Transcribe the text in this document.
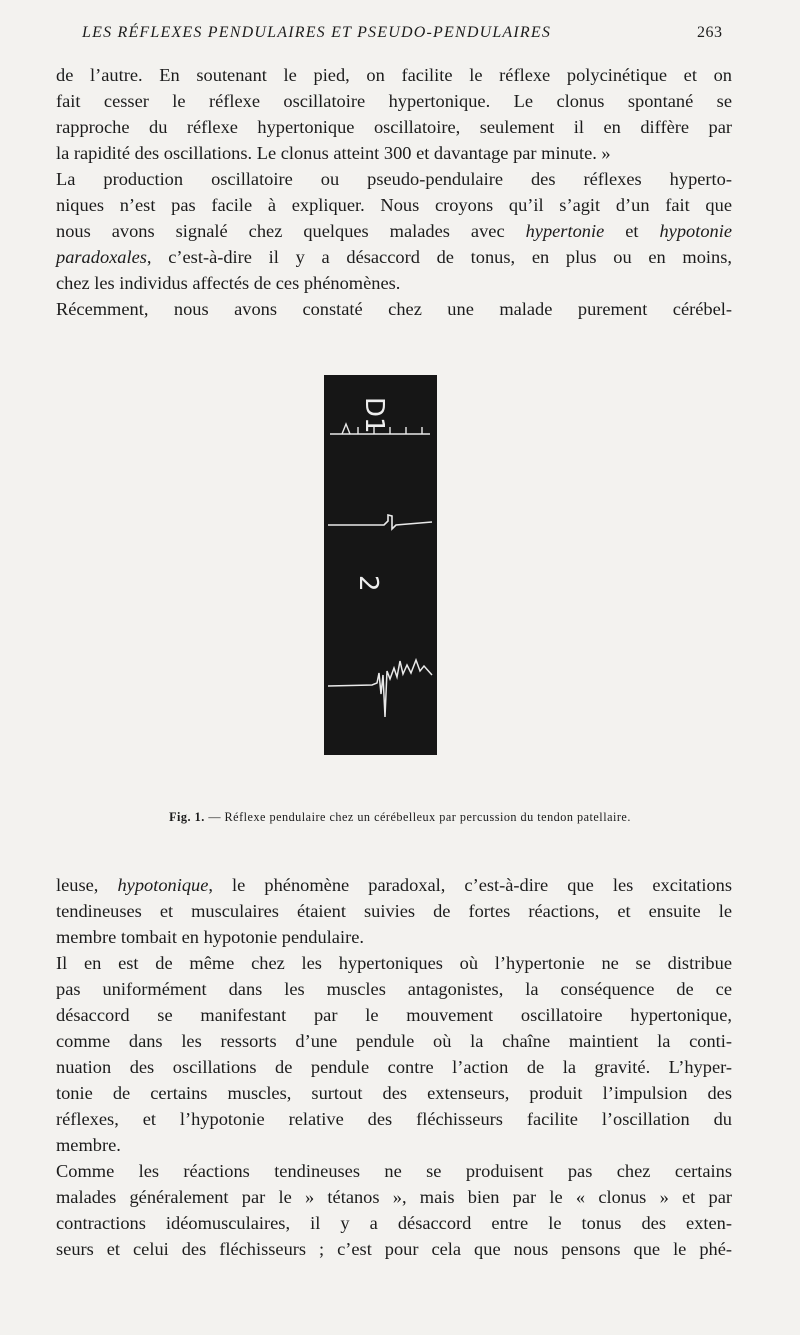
LES RÉFLEXES PENDULAIRES ET PSEUDO-PENDULAIRES	263

de l’autre. En soutenant le pied, on facilite le réflexe polycinétique et on

fait cesser le réflexe oscillatoire hypertonique. Le clonus spontané se

rapproche du réflexe hypertonique oscillatoire, seulement il en diffère par

la rapidité des oscillations. Le clonus atteint 300 et davantage par minute. »

La production oscillatoire ou pseudo-pendulaire des réflexes hyperto-

niques n’est pas facile à expliquer. Nous croyons qu’il s’agit d’un fait que

nous avons signalé chez quelques malades avec hypertonie et hypotonie

paradoxales, c’est-à-dire il y a désaccord de tonus, en plus ou en moins,

chez les individus affectés de ces phénomènes.

Récemment, nous avons constaté chez une malade purement cérébel-

D1
2
Fig. 1. — Réflexe pendulaire chez un cérébelleux par percussion du tendon patellaire.

leuse, hypotonique, le phénomène paradoxal, c’est-à-dire que les excitations

tendineuses et musculaires étaient suivies de fortes réactions, et ensuite le

membre tombait en hypotonie pendulaire.

Il en est de même chez les hypertoniques où l’hypertonie ne se distribue

pas uniformément dans les muscles antagonistes, la conséquence de ce

désaccord se manifestant par le mouvement oscillatoire hypertonique,

comme dans les ressorts d’une pendule où la chaîne maintient la conti-

nuation des oscillations de pendule contre l’action de la gravité. L’hyper-

tonie de certains muscles, surtout des extenseurs, produit l’impulsion des

réflexes, et l’hypotonie relative des fléchisseurs facilite l’oscillation du

membre.

Comme les réactions tendineuses ne se produisent pas chez certains

malades généralement par le » tétanos », mais bien par le « clonus » et par

contractions idéomusculaires, il y a désaccord entre le tonus des exten-

seurs et celui des fléchisseurs ; c’est pour cela que nous pensons que le phé-
